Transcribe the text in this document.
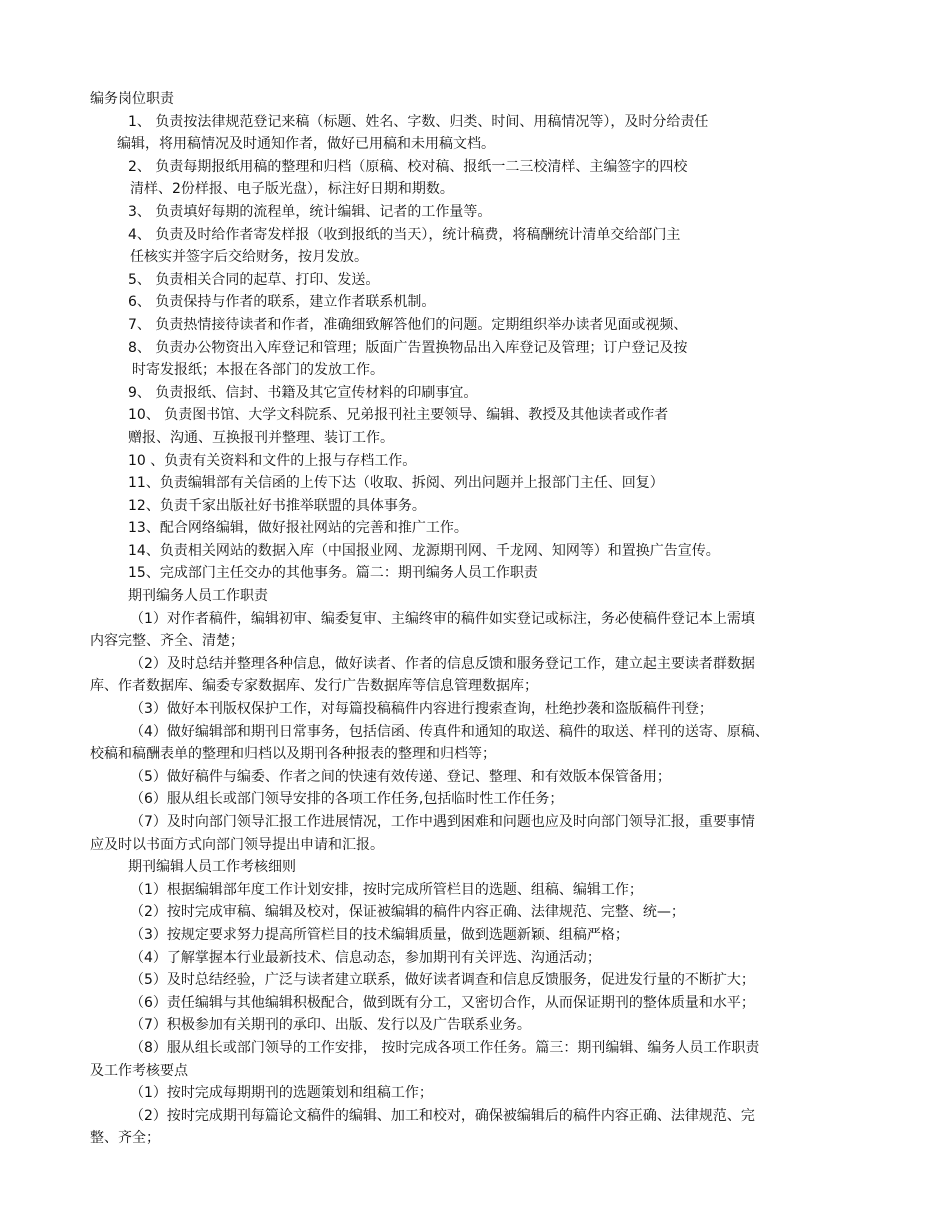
编务岗位职责
1、 负责按法律规范登记来稿（标题、姓名、字数、归类、时间、用稿情况等），及时分给责任
编辑，将用稿情况及时通知作者，做好已用稿和未用稿文档。
2、 负责每期报纸用稿的整理和归档（原稿、校对稿、报纸一二三校清样、主编签字的四校
清样、2份样报、电子版光盘），标注好日期和期数。
3、 负责填好每期的流程单，统计编辑、记者的工作量等。
4、 负责及时给作者寄发样报（收到报纸的当天），统计稿费，将稿酬统计清单交给部门主
任核实并签字后交给财务，按月发放。
5、 负责相关合同的起草、打印、发送。
6、 负责保持与作者的联系，建立作者联系机制。
7、 负责热情接待读者和作者，准确细致解答他们的问题。定期组织举办读者见面或视频、
8、 负责办公物资出入库登记和管理；版面广告置换物品出入库登记及管理；订户登记及按
时寄发报纸；本报在各部门的发放工作。
9、 负责报纸、信封、书籍及其它宣传材料的印刷事宜。
10、 负责图书馆、大学文科院系、兄弟报刊社主要领导、编辑、教授及其他读者或作者
赠报、沟通、互换报刊并整理、装订工作。
10 、负责有关资料和文件的上报与存档工作。
11、负责编辑部有关信函的上传下达（收取、拆阅、列出问题并上报部门主任、回复）
12、负责千家出版社好书推举联盟的具体事务。
13、配合网络编辑，做好报社网站的完善和推广工作。
14、负责相关网站的数据入库（中国报业网、龙源期刊网、千龙网、知网等）和置换广告宣传。
15、完成部门主任交办的其他事务。篇二：期刊编务人员工作职责
期刊编务人员工作职责
（1）对作者稿件，编辑初审、编委复审、主编终审的稿件如实登记或标注，务必使稿件登记本上需填
内容完整、齐全、清楚；
（2）及时总结并整理各种信息，做好读者、作者的信息反馈和服务登记工作，建立起主要读者群数据
库、作者数据库、编委专家数据库、发行广告数据库等信息管理数据库；
（3）做好本刊版权保护工作，对每篇投稿稿件内容进行搜索查询，杜绝抄袭和盗版稿件刊登；
（4）做好编辑部和期刊日常事务，包括信函、传真件和通知的取送、稿件的取送、样刊的送寄、原稿、
校稿和稿酬表单的整理和归档以及期刊各种报表的整理和归档等；
（5）做好稿件与编委、作者之间的快速有效传递、登记、整理、和有效版本保管备用；
（6）服从组长或部门领导安排的各项工作任务,包括临时性工作任务；
（7）及时向部门领导汇报工作进展情况，工作中遇到困难和问题也应及时向部门领导汇报，重要事情
应及时以书面方式向部门领导提出申请和汇报。
期刊编辑人员工作考核细则
（1）根据编辑部年度工作计划安排，按时完成所管栏目的选题、组稿、编辑工作；
（2）按时完成审稿、编辑及校对，保证被编辑的稿件内容正确、法律规范、完整、统—；
（3）按规定要求努力提高所管栏目的技术编辑质量，做到选题新颖、组稿严格；
（4）了解掌握本行业最新技术、信息动态，参加期刊有关评选、沟通活动；
（5）及时总结经验，广泛与读者建立联系，做好读者调查和信息反馈服务，促进发行量的不断扩大；
（6）责任编辑与其他编辑积极配合，做到既有分工，又密切合作，从而保证期刊的整体质量和水平；
（7）积极参加有关期刊的承印、出版、发行以及广告联系业务。
（8）服从组长或部门领导的工作安排， 按时完成各项工作任务。篇三：期刊编辑、编务人员工作职责
及工作考核要点
（1）按时完成每期期刊的选题策划和组稿工作；
（2）按时完成期刊每篇论文稿件的编辑、加工和校对，确保被编辑后的稿件内容正确、法律规范、完
整、齐全；
